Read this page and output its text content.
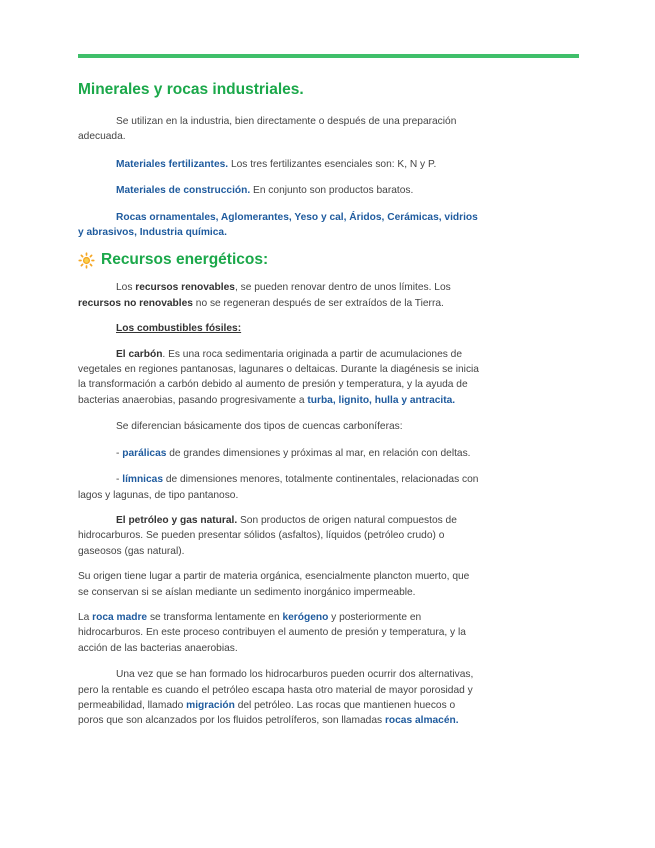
Minerales y rocas industriales.

Se utilizan en la industria, bien directamente o después de una preparación adecuada.

Materiales fertilizantes. Los tres fertilizantes esenciales son: K, N y P.

Materiales de construcción. En conjunto son productos baratos.

Rocas ornamentales, Aglomerantes, Yeso y cal, Áridos, Cerámicas, vidrios y abrasivos, Industria química.

Recursos energéticos:

Los recursos renovables, se pueden renovar dentro de unos límites. Los recursos no renovables no se regeneran después de ser extraídos de la Tierra.

Los combustibles fósiles:

El carbón. Es una roca sedimentaria originada a partir de acumulaciones de vegetales en regiones pantanosas, lagunares o deltaicas. Durante la diagénesis se inicia la transformación a carbón debido al aumento de presión y temperatura, y la ayuda de bacterias anaerobias, pasando progresivamente a turba, lignito, hulla y antracita.

Se diferencian básicamente dos tipos de cuencas carboníferas:

- parálicas de grandes dimensiones y próximas al mar, en relación con deltas.

- límnicas de dimensiones menores, totalmente continentales, relacionadas con lagos y lagunas, de tipo pantanoso.

El petróleo y gas natural. Son productos de origen natural compuestos de hidrocarburos. Se pueden presentar sólidos (asfaltos), líquidos (petróleo crudo) o gaseosos (gas natural).

Su origen tiene lugar a partir de materia orgánica, esencialmente plancton muerto, que se conservan si se aíslan mediante un sedimento inorgánico impermeable.

La roca madre se transforma lentamente en kerógeno y posteriormente en hidrocarburos. En este proceso contribuyen el aumento de presión y temperatura, y la acción de las bacterias anaerobias.

Una vez que se han formado los hidrocarburos pueden ocurrir dos alternativas, pero la rentable es cuando el petróleo escapa hasta otro material de mayor porosidad y permeabilidad, llamado migración del petróleo. Las rocas que mantienen huecos o poros que son alcanzados por los fluidos petrolíferos, son llamadas rocas almacén.
